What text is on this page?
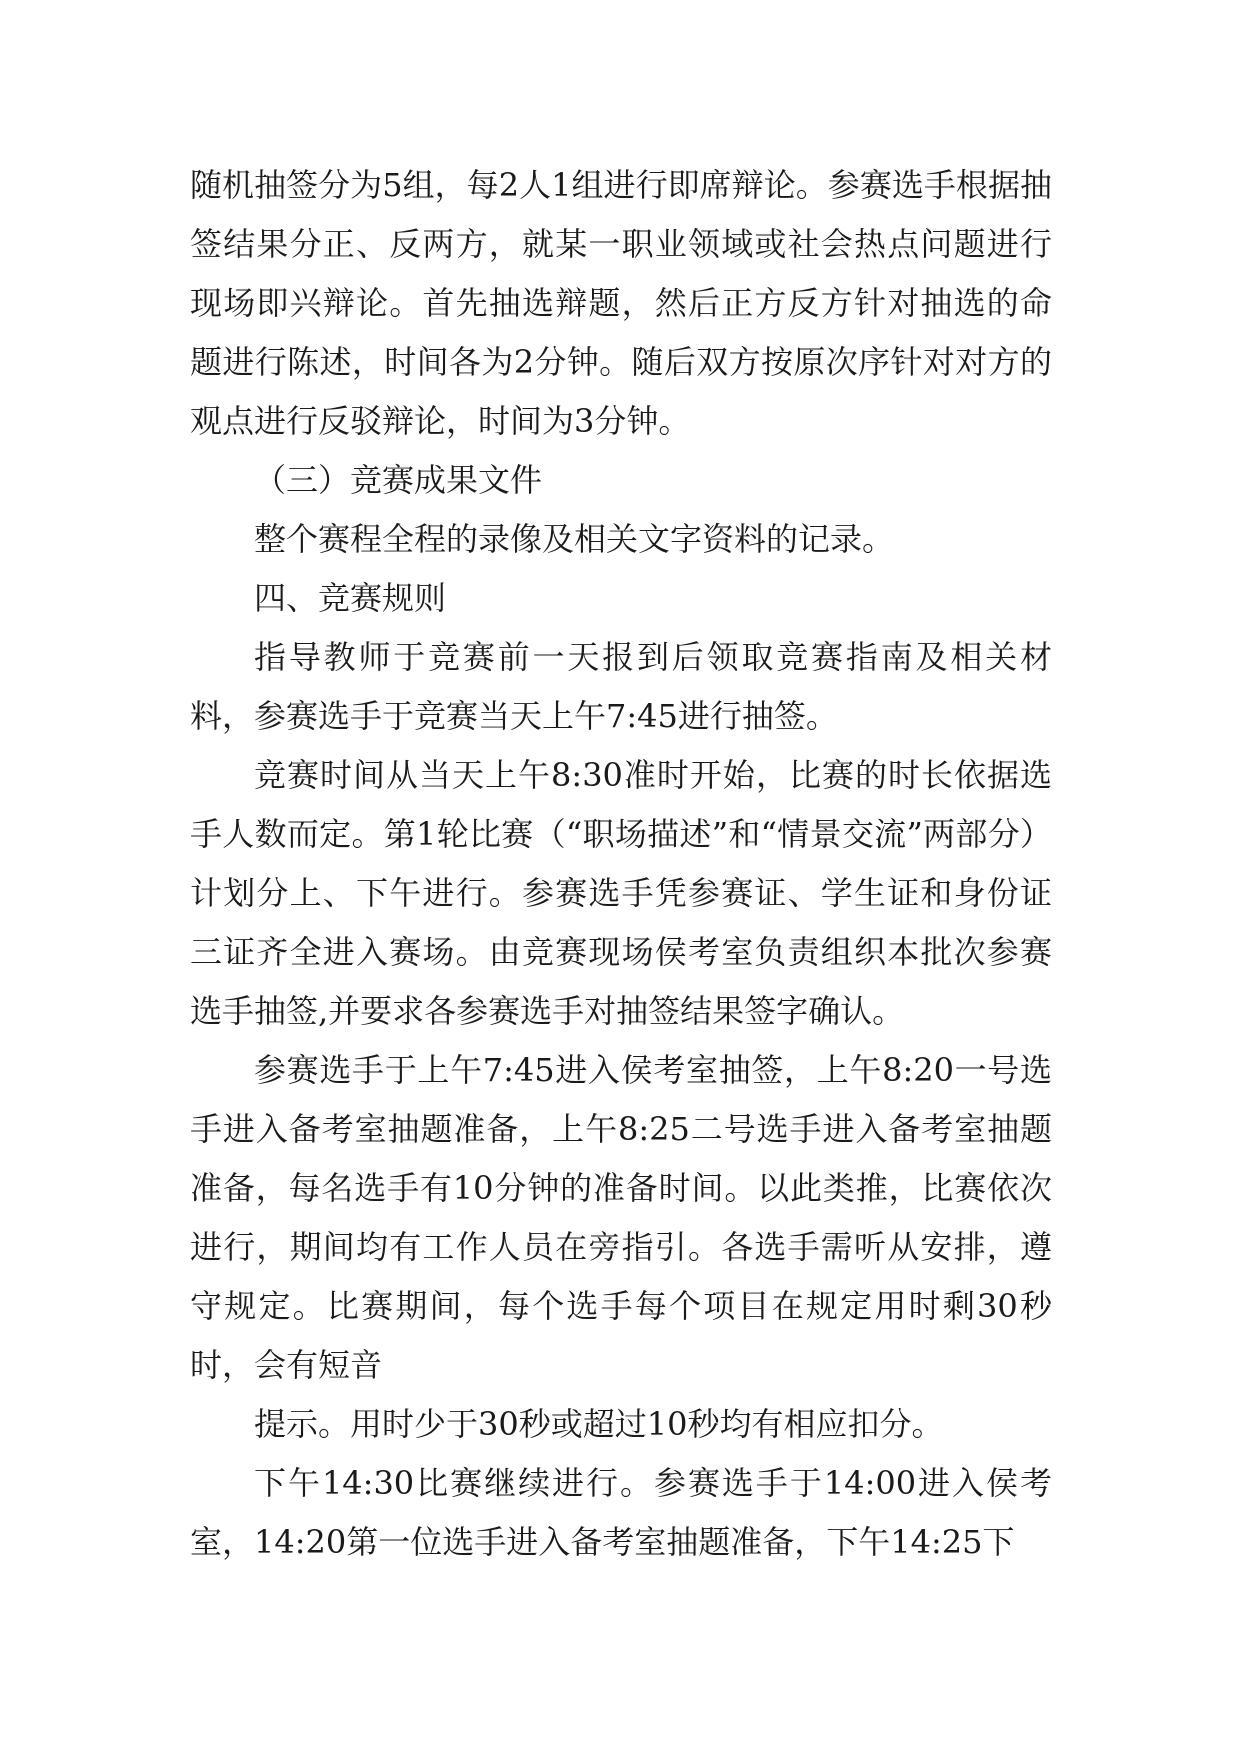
随机抽签分为5组，每2人1组进行即席辩论。参赛选手根据抽签结果分正、反两方，就某一职业领域或社会热点问题进行现场即兴辩论。首先抽选辩题，然后正方反方针对抽选的命题进行陈述，时间各为2分钟。随后双方按原次序针对对方的观点进行反驳辩论，时间为3分钟。

（三）竞赛成果文件

整个赛程全程的录像及相关文字资料的记录。

四、竞赛规则

指导教师于竞赛前一天报到后领取竞赛指南及相关材料，参赛选手于竞赛当天上午7:45进行抽签。

竞赛时间从当天上午8:30准时开始，比赛的时长依据选手人数而定。第1轮比赛（“职场描述”和“情景交流”两部分）计划分上、下午进行。参赛选手凭参赛证、学生证和身份证三证齐全进入赛场。由竞赛现场侯考室负责组织本批次参赛选手抽签,并要求各参赛选手对抽签结果签字确认。

参赛选手于上午7:45进入侯考室抽签，上午8:20一号选手进入备考室抽题准备，上午8:25二号选手进入备考室抽题准备，每名选手有10分钟的准备时间。以此类推，比赛依次进行，期间均有工作人员在旁指引。各选手需听从安排，遵守规定。比赛期间，每个选手每个项目在规定用时剩30秒时，会有短音

提示。用时少于30秒或超过10秒均有相应扣分。

下午14:30比赛继续进行。参赛选手于14:00进入侯考室，14:20第一位选手进入备考室抽题准备，下午14:25下
